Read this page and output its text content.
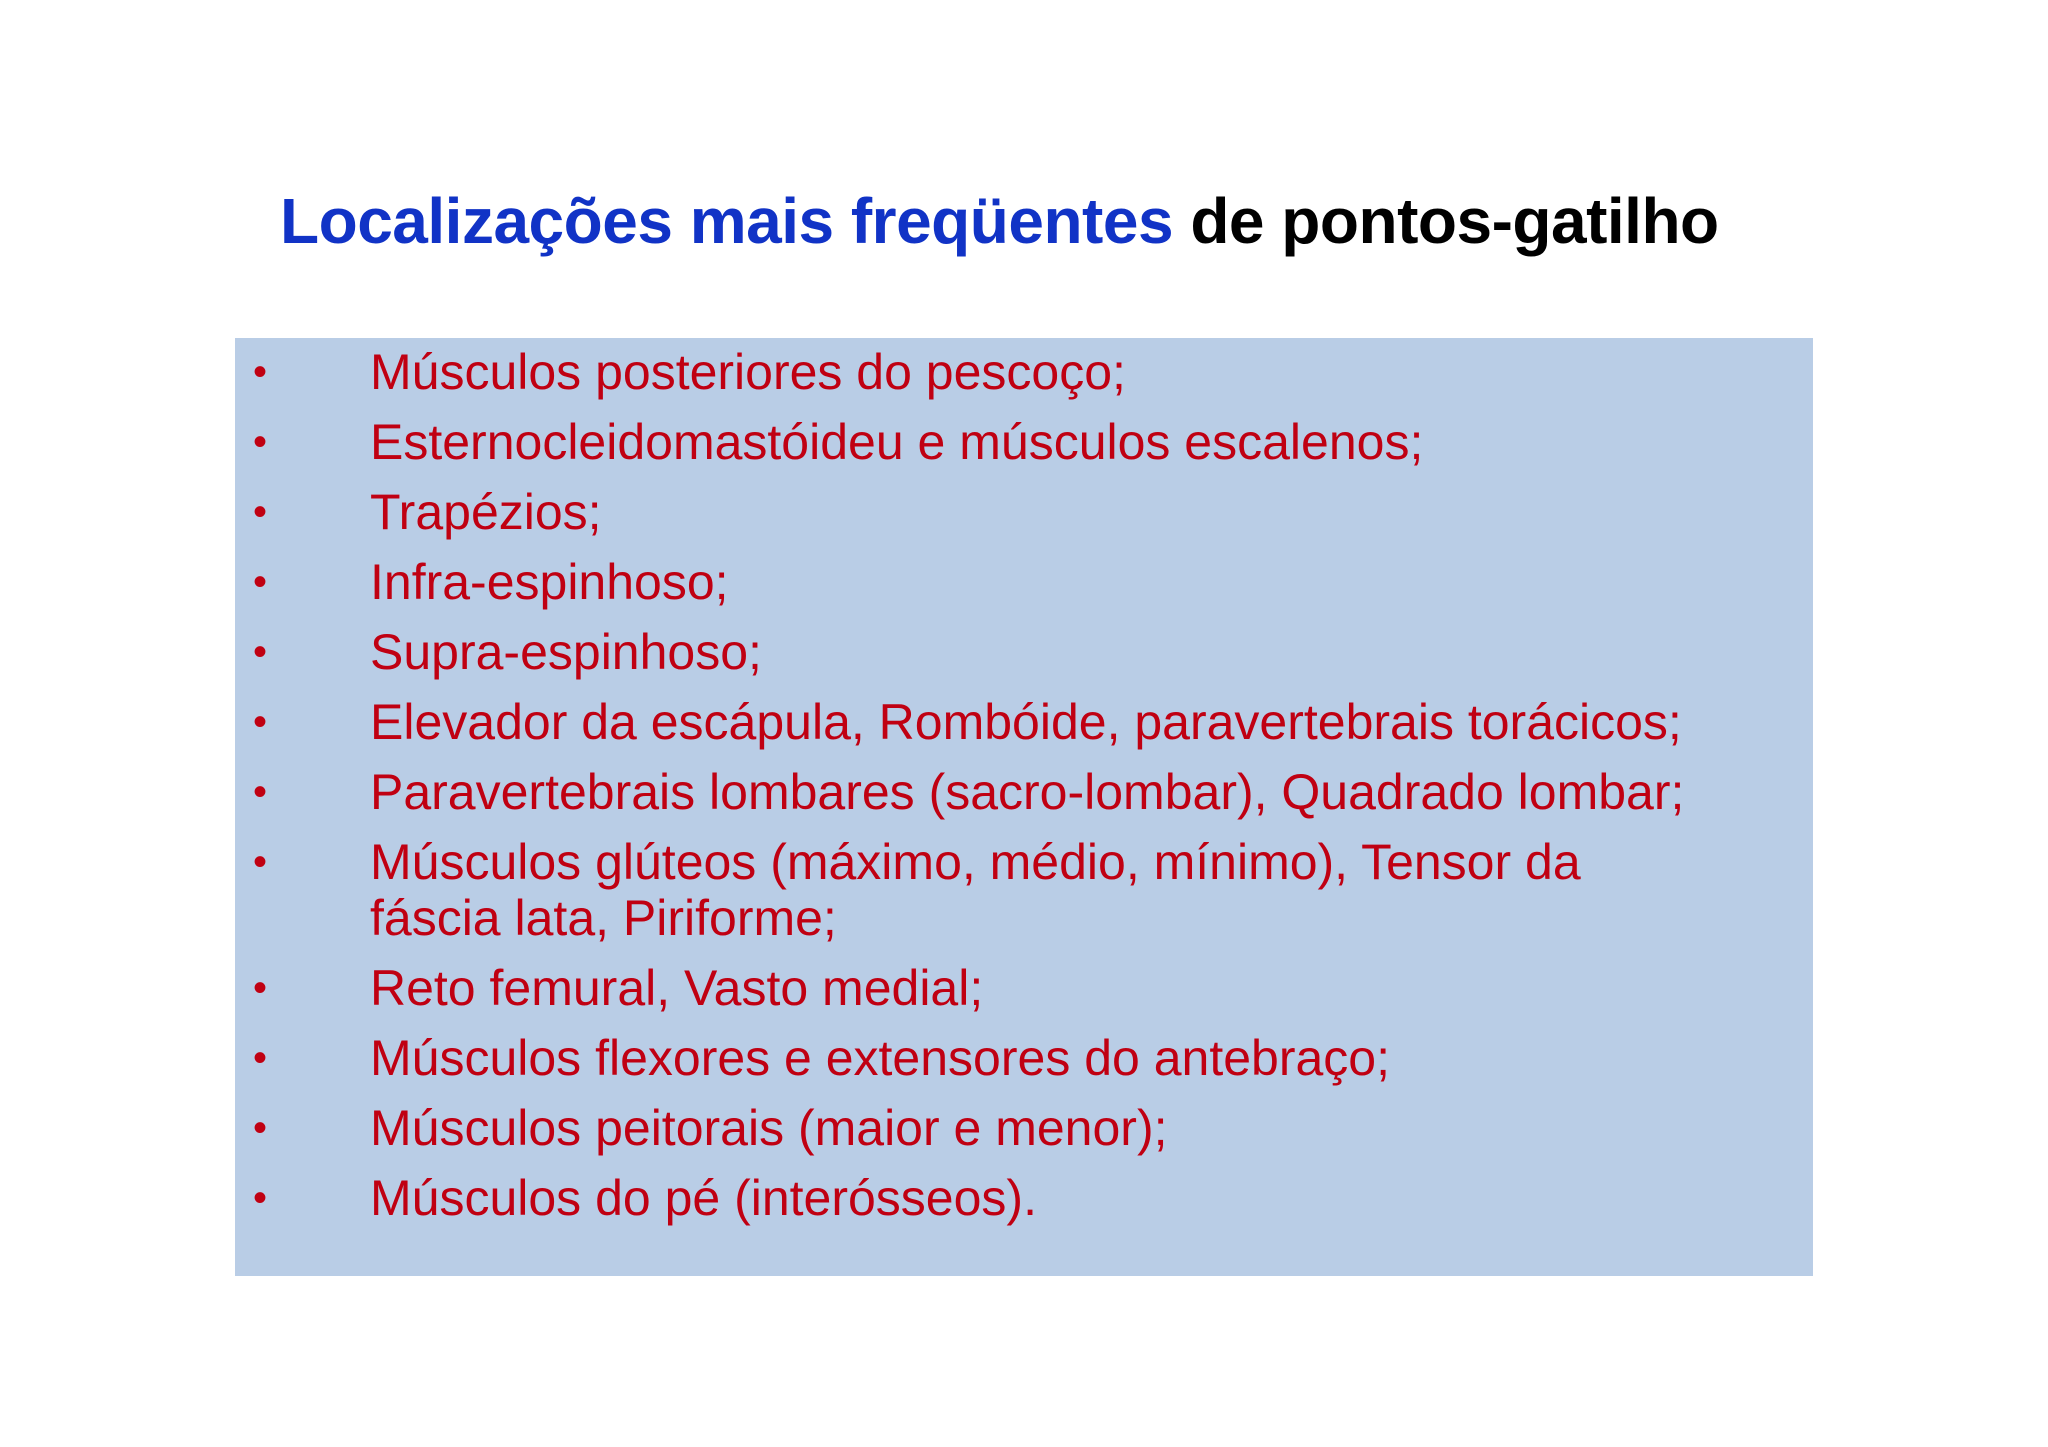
Localizações mais freqüentes de pontos-gatilho
•	Músculos posteriores do pescoço;
•	Esternocleidomastóideu e músculos escalenos;
•	Trapézios;
•	Infra-espinhoso;
•	Supra-espinhoso;
•	Elevador da escápula, Rombóide, paravertebrais torácicos;
•	Paravertebrais lombares (sacro-lombar), Quadrado lombar;
•	Músculos glúteos (máximo, médio, mínimo), Tensor da fáscia lata, Piriforme;
•	Reto femural, Vasto medial;
•	Músculos flexores e extensores do antebraço;
•	Músculos peitorais (maior e menor);
•	Músculos do pé (interósseos).
